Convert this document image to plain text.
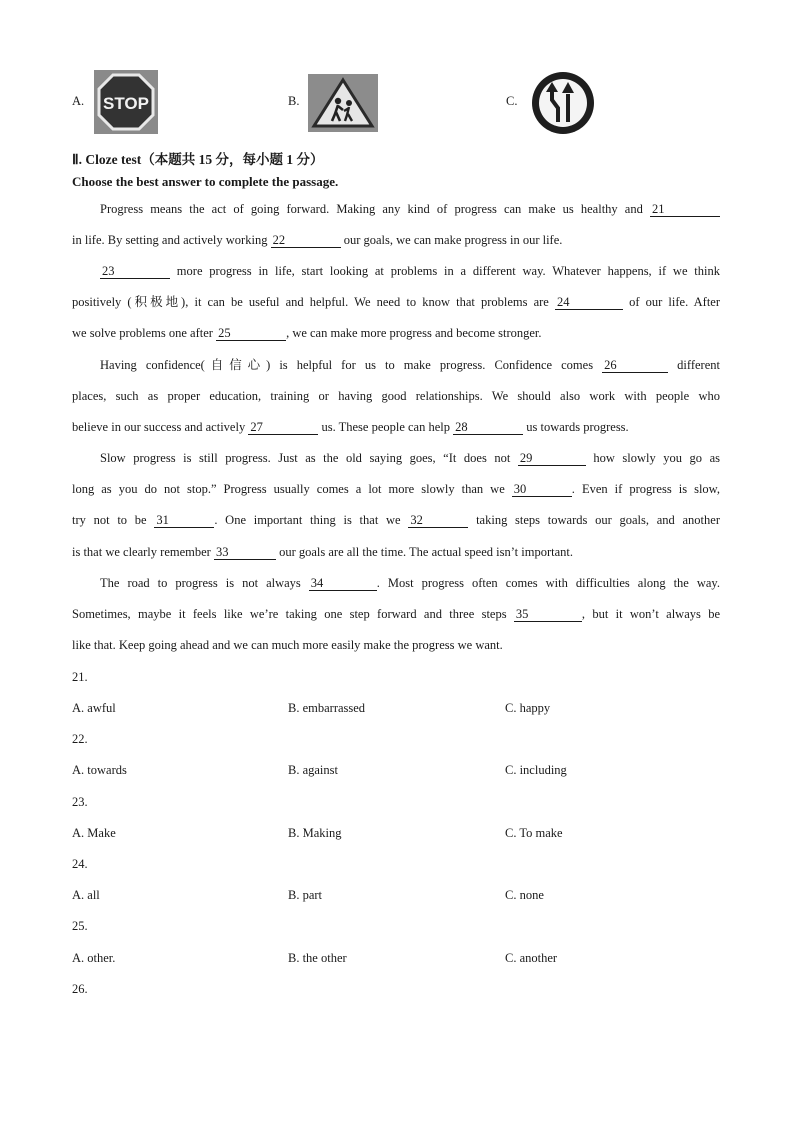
A. STOP	B.	C.
Ⅱ. Cloze test（本题共 15 分，每小题 1 分）
Choose the best answer to complete the passage.
Progress means the act of going forward. Making any kind of progress can make us healthy and 21
in life. By setting and actively working 22	our goals, we can make progress in our life.
23	more progress in life, start looking at problems in a different way. Whatever happens, if we think
positively (积极地), it can be useful and helpful. We need to know that problems are 24	of our life. After
we solve problems one after 25	, we can make more progress and become stronger.
Having confidence(自信心) is helpful for us to make progress. Confidence comes 26	different
places, such as proper education, training or having good relationships. We should also work with people who
believe in our success and actively 27	us. These people can help 28	us towards progress.
Slow progress is still progress. Just as the old saying goes, “It does not 29	how slowly you go as
long as you do not stop.” Progress usually comes a lot more slowly than we 30	. Even if progress is slow,
try not to be 31	. One important thing is that we 32	taking steps towards our goals, and another
is that we clearly remember 33	our goals are all the time. The actual speed isn’t important.
The road to progress is not always 34	. Most progress often comes with difficulties along the way.
Sometimes, maybe it feels like we’re taking one step forward and three steps 35	, but it won’t always be
like that. Keep going ahead and we can much more easily make the progress we want.
21.
A. awful	B. embarrassed	C. happy
22.
A. towards	B. against	C. including
23.
A. Make	B. Making	C. To make
24.
A. all	B. part	C. none
25.
A. other.	B. the other	C. another
26.
